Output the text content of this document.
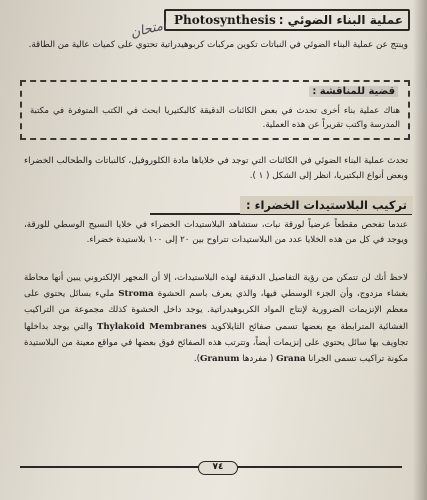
عملية البناء الضوئي :
Photosynthesis
امتحان
وينتج عن عملية البناء الضوئي في النباتات تكوين مركبات كربوهيدراتية تحتوي على كميات عالية من الطاقة.
قضية للمناقشة :
هناك عملية بناء أخرى تحدث في بعض الكائنات الدقيقة كالبكتيريا ابحث في الكتب المتوفرة في مكتبة المدرسة واكتب تقريراً عن هذه العملية.
تحدث عملية البناء الضوئي في الكائنات التي توجد في خلاياها مادة الكلوروفيل، كالنباتات والطحالب الخضراء وبعض أنواع البكتيريا، انظر إلى الشكل ( ١ ).
تركيب البلاستيدات الخضراء :
عندما تفحص مقطعاً عرضياً لورقة نبات، ستشاهد البلاستيدات الخضراء في خلايا النسيج الوسطي للورقة، ويوجد في كل من هذه الخلايا عدد من البلاستيدات تتراوح بين ٢٠ إلى ١٠٠ بلاستيدة خضراء.
لاحظ أنك لن تتمكن من رؤية التفاصيل الدقيقة لهذه البلاستيدات، إلا أن المجهر الإلكتروني يبين أنها محاطة بغشاء مزدوج، وأن الجزء الوسطي فيها، والذي يعرف باسم الحشوة Stroma مليء بسائل يحتوي على معظم الإنزيمات الضرورية لإنتاج المواد الكربوهيدراتية. يوجد داخل الحشوة كذلك مجموعة من التراكيب الغشائية المترابطة مع بعضها تسمى صفائح الثايلاكويد Thylakoid Membranes والتي يوجد بداخلها تجاويف بها سائل يحتوي على إنزيمات أيضاً، وتترتب هذه الصفائح فوق بعضها في مواقع معينة من البلاستيدة مكونة تراكيب تسمى الجرانا Grana ( مفردها Granum).
٧٤
